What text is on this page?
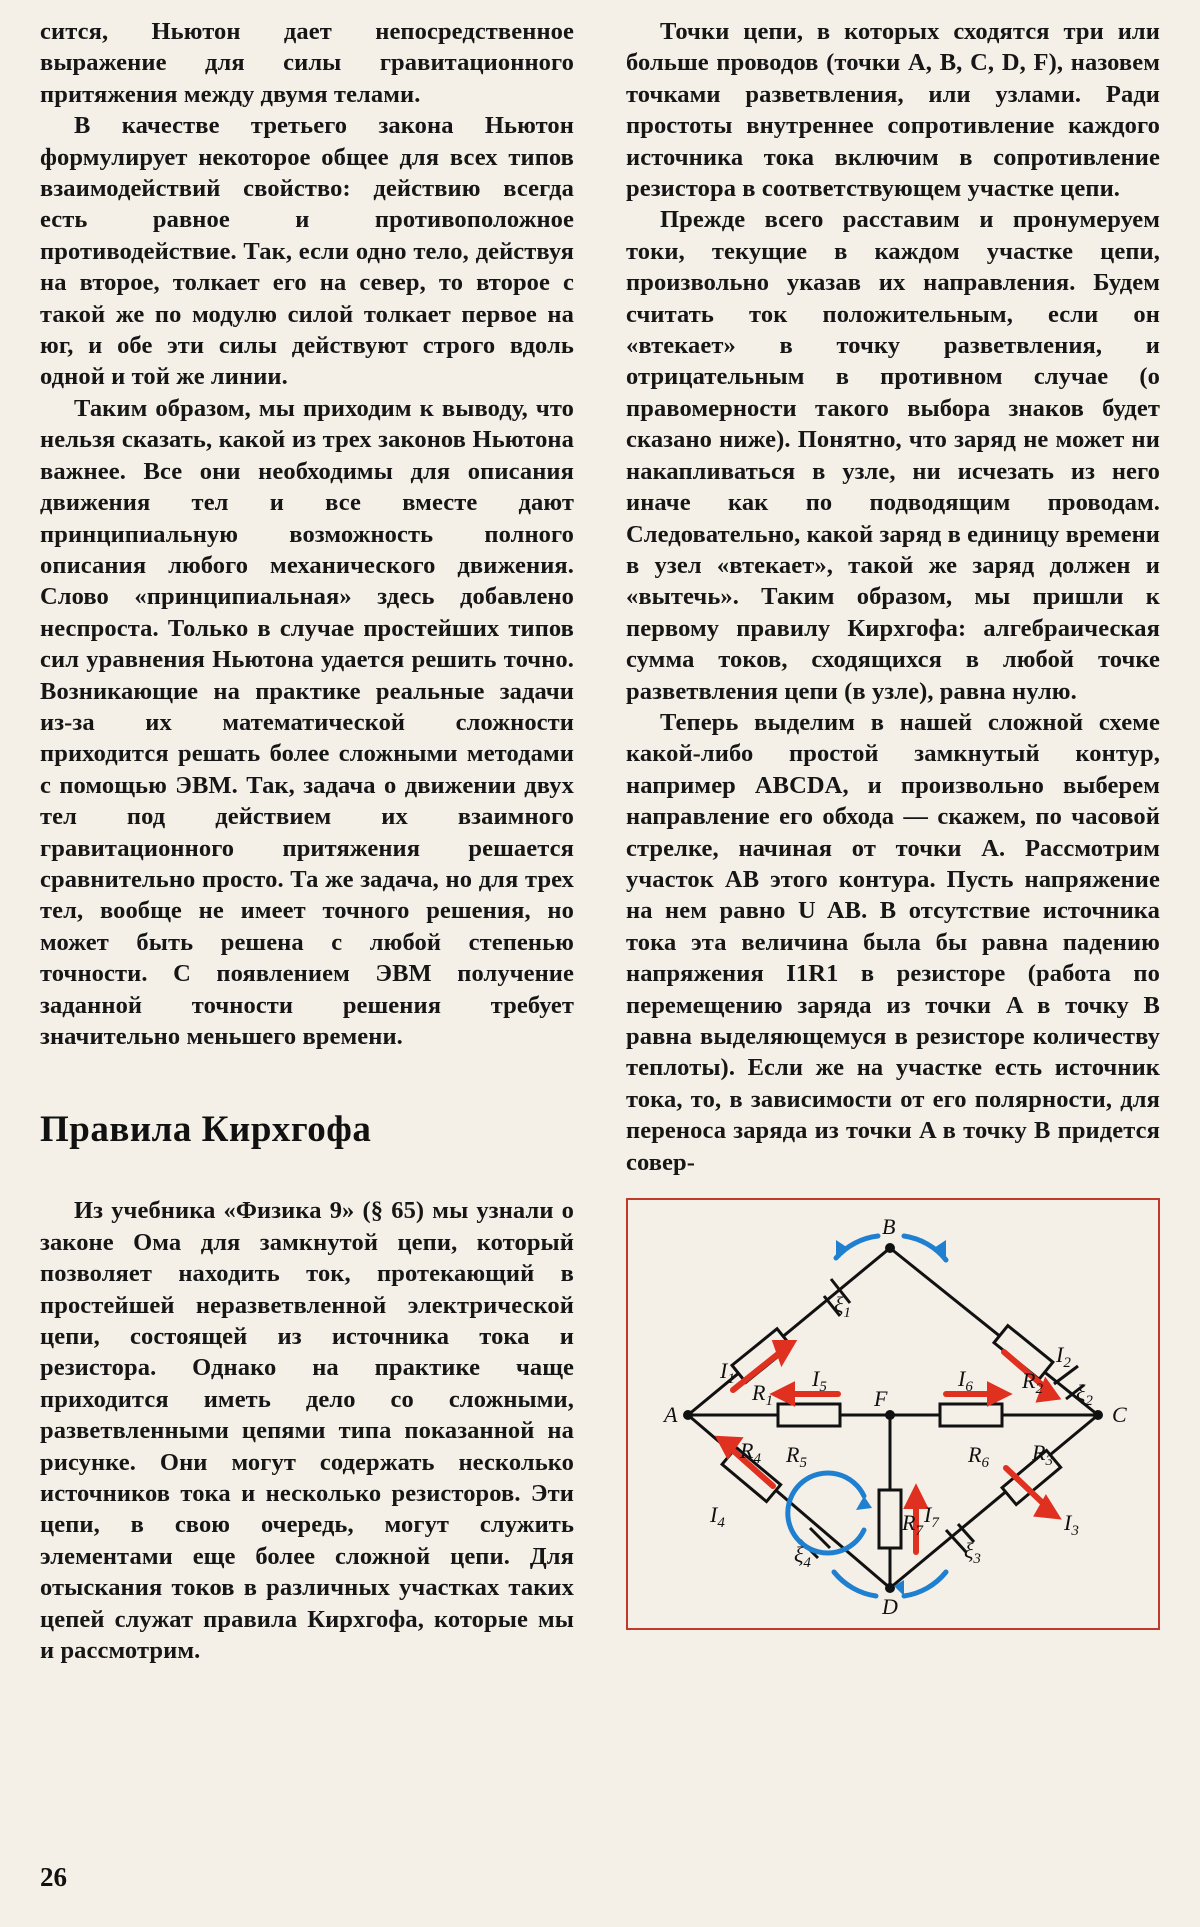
сится, Ньютон дает непосредственное выражение для силы гравитационного притяжения между двумя телами.

В качестве третьего закона Ньютон формулирует некоторое общее для всех типов взаимодействий свойство: действию всегда есть равное и противоположное противодействие. Так, если одно тело, действуя на второе, толкает его на север, то второе с такой же по модулю силой толкает первое на юг, и обе эти силы действуют строго вдоль одной и той же линии.

Таким образом, мы приходим к выводу, что нельзя сказать, какой из трех законов Ньютона важнее. Все они необходимы для описания движения тел и все вместе дают принципиальную возможность полного описания любого механического движения. Слово «принципиальная» здесь добавлено неспроста. Только в случае простейших типов сил уравнения Ньютона удается решить точно. Возникающие на практике реальные задачи из-за их математической сложности приходится решать более сложными методами с помощью ЭВМ. Так, задача о движении двух тел под действием их взаимного гравитационного притяжения решается сравнительно просто. Та же задача, но для трех тел, вообще не имеет точного решения, но может быть решена с любой степенью точности. С появлением ЭВМ получение заданной точности решения требует значительно меньшего времени.

Правила Кирхгофа

Из учебника «Физика 9» (§ 65) мы узнали о законе Ома для замкнутой цепи, который позволяет находить ток, протекающий в простейшей неразветвленной электрической цепи, состоящей из источника тока и резистора. Однако на практике чаще приходится иметь дело со сложными, разветвленными цепями типа показанной на рисунке. Они могут содержать несколько источников тока и несколько резисторов. Эти цепи, в свою очередь, могут служить элементами еще более сложной цепи. Для отыскания токов в различных участках таких цепей служат правила Кирхгофа, которые мы и рассмотрим.

Точки цепи, в которых сходятся три или больше проводов (точки A, B, C, D, F), назовем точками разветвления, или узлами. Ради простоты внутреннее сопротивление каждого источника тока включим в сопротивление резистора в соответствующем участке цепи.

Прежде всего расставим и пронумеруем токи, текущие в каждом участке цепи, произвольно указав их направления. Будем считать ток положительным, если он «втекает» в точку разветвления, и отрицательным в противном случае (о правомерности такого выбора знаков будет сказано ниже). Понятно, что заряд не может ни накапливаться в узле, ни исчезать из него иначе как по подводящим проводам. Следовательно, какой заряд в единицу времени в узел «втекает», такой же заряд должен и «вытечь». Таким образом, мы пришли к первому правилу Кирхгофа: алгебраическая сумма токов, сходящихся в любой точке разветвления цепи (в узле), равна нулю.

Теперь выделим в нашей сложной схеме какой-либо простой замкнутый контур, например ABCDA, и произвольно выберем направление его обхода — скажем, по часовой стрелке, начиная от точки A. Рассмотрим участок AB этого контура. Пусть напряжение на нем равно U AB. В отсутствие источника тока эта величина была бы равна падению напряжения I1R1 в резисторе (работа по перемещению заряда из точки A в точку B равна выделяющемуся в резисторе количеству теплоты). Если же на участке есть источник тока, то, в зависимости от его полярности, для переноса заряда из точки A в точку B придется совер-

A
B
C
D
F
$R_1$
$R_2$
$R_3$
$R_4$ $R_5$	$R_6$
$R_7$
$I_1$
$I_2$
$I_3$
$I_4$
$I_5$	$I_6$
$I_7$
$\xi_1$
$\xi_2$
$\xi_3$
$\xi_4$
26
